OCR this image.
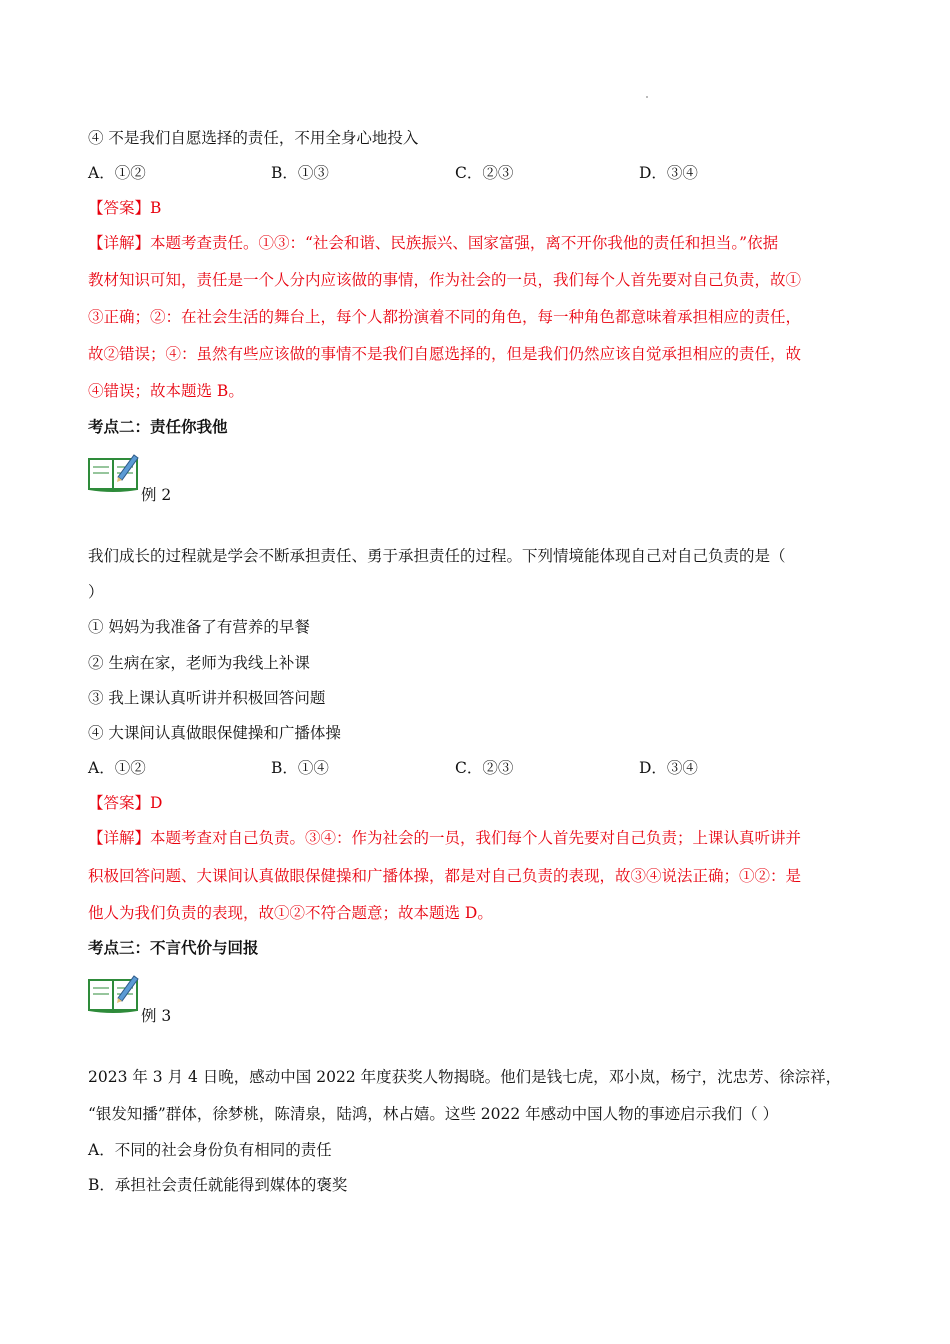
④ 不是我们自愿选择的责任，不用全身心地投入
A．①②	B．①③	C．②③	D．③④
【答案】B
【详解】本题考查责任。①③：“社会和谐、民族振兴、国家富强，离不开你我他的责任和担当。”依据
教材知识可知，责任是一个人分内应该做的事情，作为社会的一员，我们每个人首先要对自己负责，故①
③正确；②：在社会生活的舞台上，每个人都扮演着不同的角色，每一种角色都意味着承担相应的责任，
故②错误；④：虽然有些应该做的事情不是我们自愿选择的，但是我们仍然应该自觉承担相应的责任，故
④错误；故本题选 B。
考点二：责任你我他
例 2
我们成长的过程就是学会不断承担责任、勇于承担责任的过程。下列情境能体现自己对自己负责的是（
）
① 妈妈为我准备了有营养的早餐
② 生病在家，老师为我线上补课
③ 我上课认真听讲并积极回答问题
④ 大课间认真做眼保健操和广播体操
A．①②	B．①④	C．②③	D．③④
【答案】D
【详解】本题考查对自己负责。③④：作为社会的一员，我们每个人首先要对自己负责；上课认真听讲并
积极回答问题、大课间认真做眼保健操和广播体操，都是对自己负责的表现，故③④说法正确；①②：是
他人为我们负责的表现，故①②不符合题意；故本题选 D。
考点三：不言代价与回报
例 3
2023 年 3 月 4 日晚，感动中国 2022 年度获奖人物揭晓。他们是钱七虎，邓小岚，杨宁，沈忠芳、徐淙祥，
“银发知播”群体，徐梦桃，陈清泉，陆鸿，林占嬉。这些 2022 年感动中国人物的事迹启示我们（ ）
A．不同的社会身份负有相同的责任
B．承担社会责任就能得到媒体的褒奖
